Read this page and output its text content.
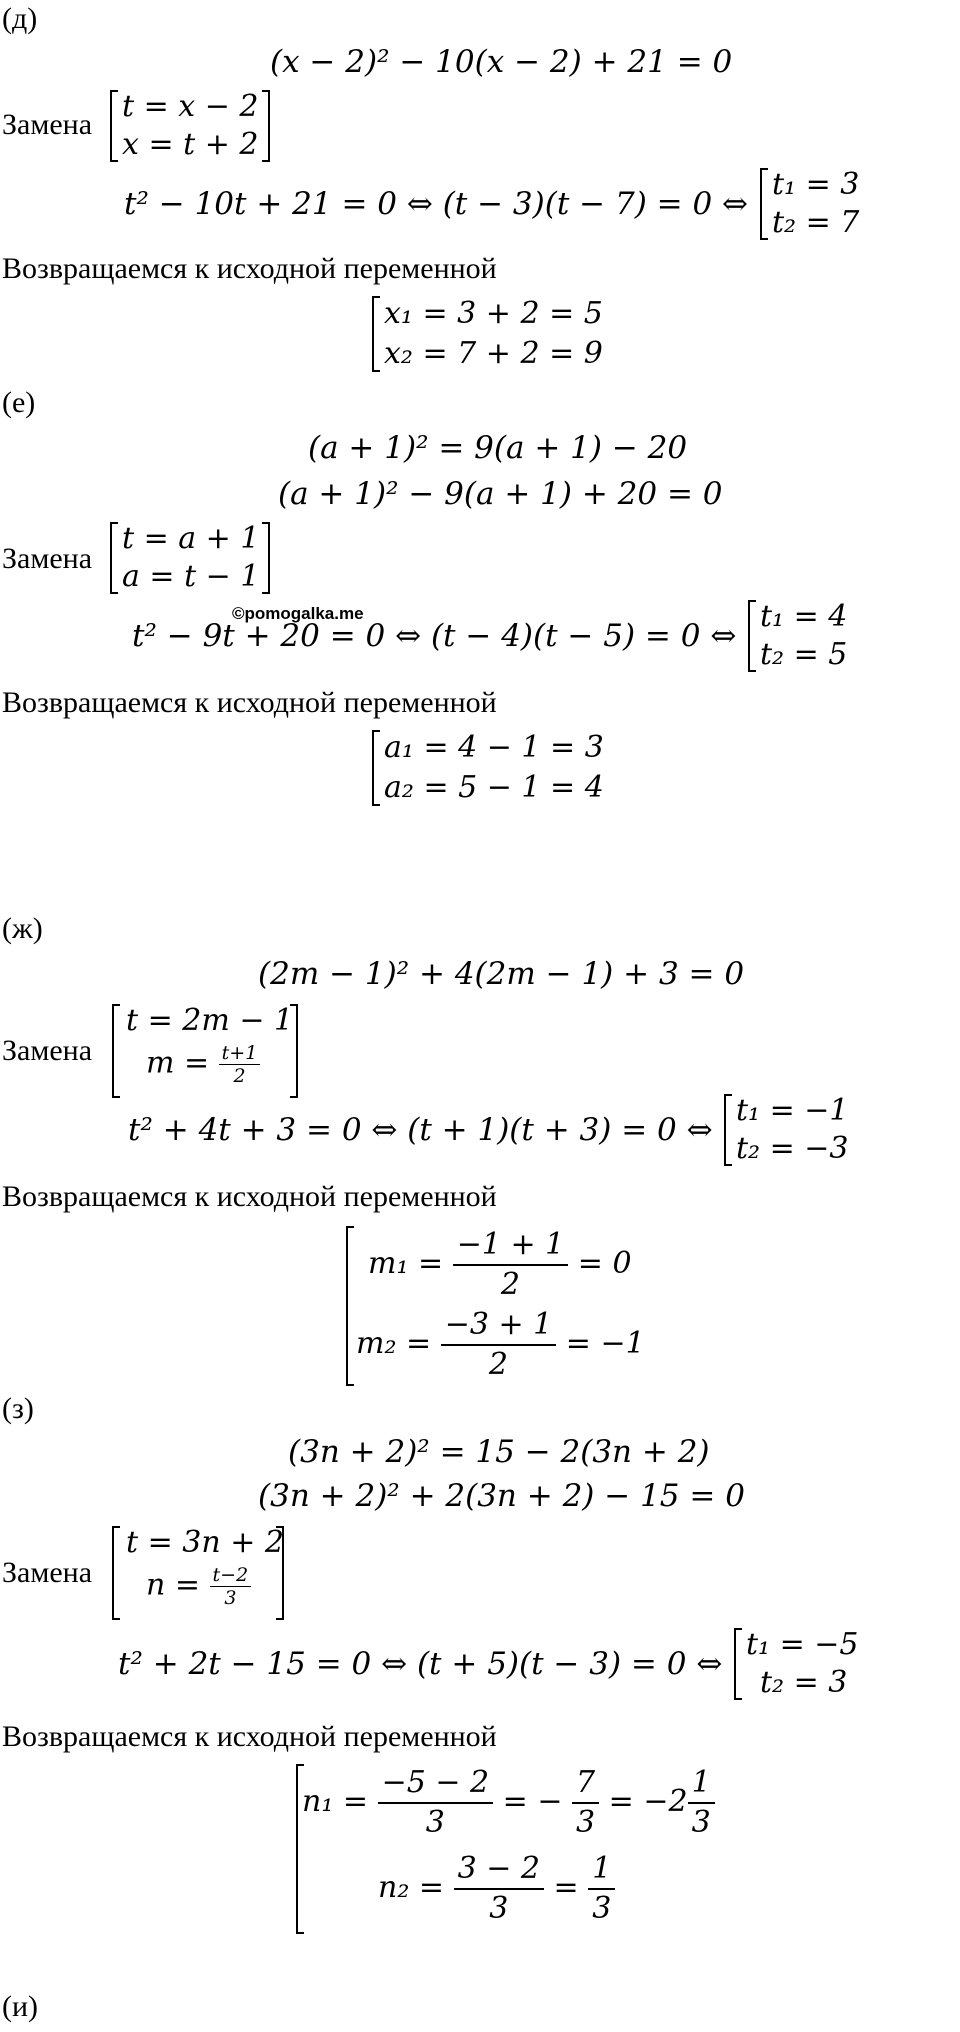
(д)
(x − 2)² − 10(x − 2) + 21 = 0
Замена
t = x − 2
x = t + 2
t² − 10t + 21 = 0 ⇔ (t − 3)(t − 7) = 0 ⇔
t₁ = 3
t₂ = 7
Возвращаемся к исходной переменной
x₁ = 3 + 2 = 5
x₂ = 7 + 2 = 9
(е)
(a + 1)² = 9(a + 1) − 20
(a + 1)² − 9(a + 1) + 20 = 0
Замена
t = a + 1
a = t − 1
©pomogalka.me
t² − 9t + 20 = 0 ⇔ (t − 4)(t − 5) = 0 ⇔
t₁ = 4
t₂ = 5
Возвращаемся к исходной переменной
a₁ = 4 − 1 = 3
a₂ = 5 − 1 = 4
(ж)
(2m − 1)² + 4(2m − 1) + 3 = 0
Замена
t = 2m − 1
$m = \frac{t+1}{2}$
t² + 4t + 3 = 0 ⇔ (t + 1)(t + 3) = 0 ⇔
t₁ = −1
t₂ = −3
Возвращаемся к исходной переменной
$m_1 = \frac{-1 + 1}{2} = 0$
$m_2 = \frac{-3 + 1}{2} = -1$
(з)
(3n + 2)² = 15 − 2(3n + 2)
(3n + 2)² + 2(3n + 2) − 15 = 0
Замена
t = 3n + 2
$n = \frac{t-2}{3}$
t² + 2t − 15 = 0 ⇔ (t + 5)(t − 3) = 0 ⇔
t₁ = −5
t₂ = 3
Возвращаемся к исходной переменной
$n_1 = \frac{-5 - 2}{3}$ = − $\frac{7}{3} = -2 \frac{1}{3}$
$n_2 = \frac{3 - 2}{3} = \frac{1}{3}$
(и)
